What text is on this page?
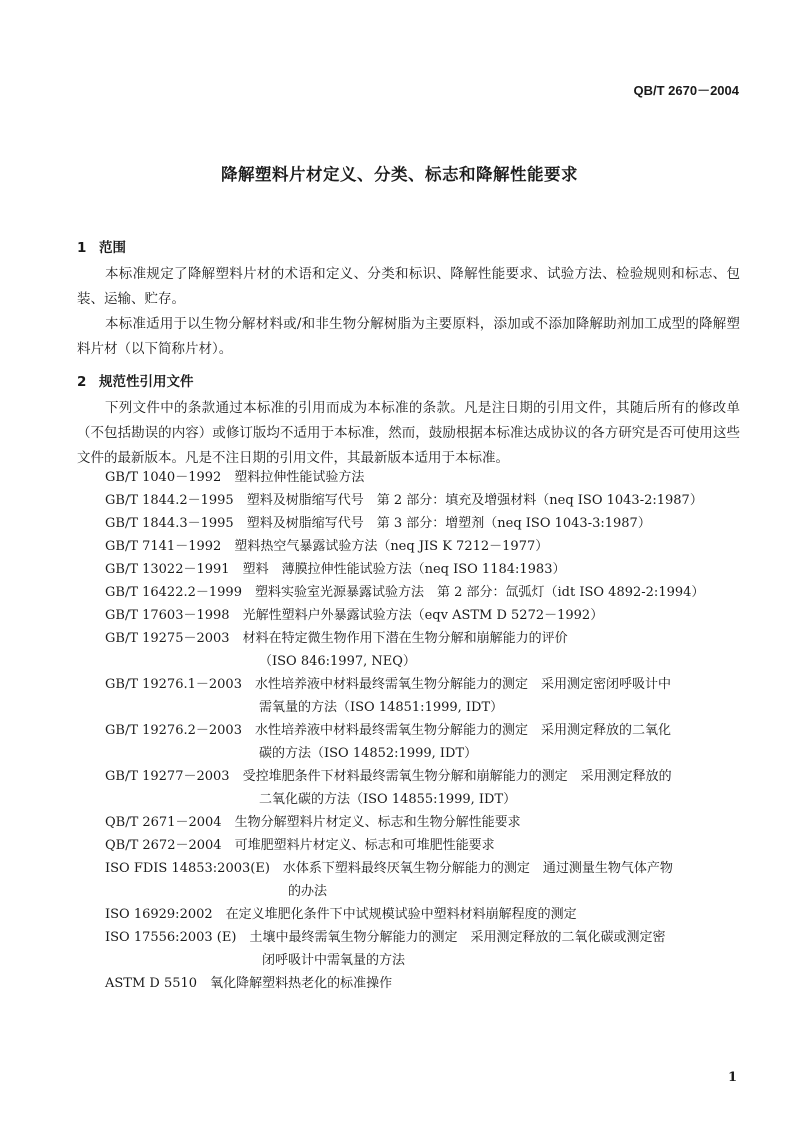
QB/T 2670－2004
降解塑料片材定义、分类、标志和降解性能要求
1 范围

本标准规定了降解塑料片材的术语和定义、分类和标识、降解性能要求、试验方法、检验规则和标志、包装、运输、贮存。

本标准适用于以生物分解材料或/和非生物分解树脂为主要原料，添加或不添加降解助剂加工成型的降解塑料片材（以下简称片材）。

2 规范性引用文件

下列文件中的条款通过本标准的引用而成为本标准的条款。凡是注日期的引用文件，其随后所有的修改单（不包括勘误的内容）或修订版均不适用于本标准，然而，鼓励根据本标准达成协议的各方研究是否可使用这些文件的最新版本。凡是不注日期的引用文件，其最新版本适用于本标准。

GB/T 1040－1992　 塑料拉伸性能试验方法
GB/T 1844.2－1995　 塑料及树脂缩写代号　第 2 部分：填充及增强材料（neq ISO 1043-2:1987）
GB/T 1844.3－1995　 塑料及树脂缩写代号　第 3 部分：增塑剂（neq ISO 1043-3:1987）
GB/T 7141－1992　 塑料热空气暴露试验方法（neq JIS K 7212－1977）
GB/T 13022－1991　 塑料　薄膜拉伸性能试验方法（neq ISO 1184:1983）
GB/T 16422.2－1999　 塑料实验室光源暴露试验方法　第 2 部分：氙弧灯（idt ISO 4892-2:1994）
GB/T 17603－1998　 光解性塑料户外暴露试验方法（eqv ASTM D 5272－1992）
GB/T 19275－2003　 材料在特定微生物作用下潜在生物分解和崩解能力的评价
（ISO 846:1997, NEQ）
GB/T 19276.1－2003　 水性培养液中材料最终需氧生物分解能力的测定　采用测定密闭呼吸计中
需氧量的方法（ISO 14851:1999, IDT）
GB/T 19276.2－2003　 水性培养液中材料最终需氧生物分解能力的测定　采用测定释放的二氧化
碳的方法（ISO 14852:1999, IDT）
GB/T 19277－2003　 受控堆肥条件下材料最终需氧生物分解和崩解能力的测定　采用测定释放的
二氧化碳的方法（ISO 14855:1999, IDT）
QB/T 2671－2004　 生物分解塑料片材定义、标志和生物分解性能要求
QB/T 2672－2004　 可堆肥塑料片材定义、标志和可堆肥性能要求
ISO FDIS 14853:2003(E)　 水体系下塑料最终厌氧生物分解能力的测定　通过测量生物气体产物
的办法
ISO 16929:2002　 在定义堆肥化条件下中试规模试验中塑料材料崩解程度的测定
ISO 17556:2003 (E)　 土壤中最终需氧生物分解能力的测定　采用测定释放的二氧化碳或测定密
闭呼吸计中需氧量的方法
ASTM D 5510　 氧化降解塑料热老化的标准操作
1
